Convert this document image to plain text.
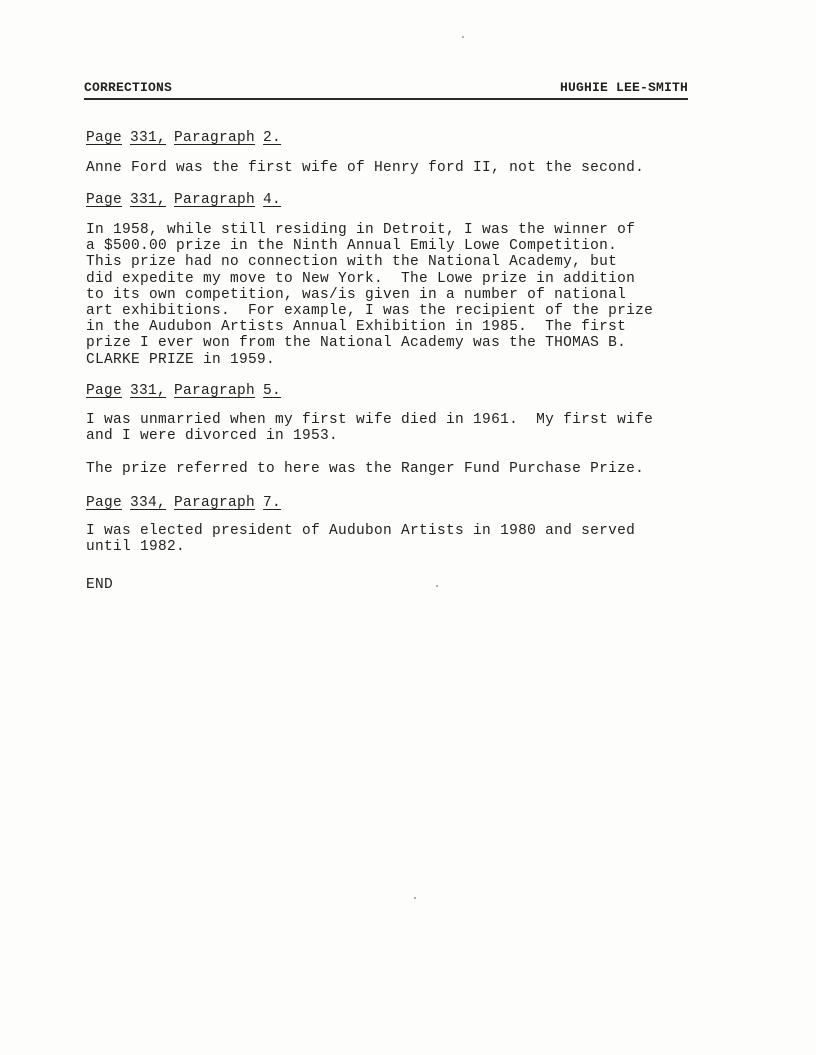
CORRECTIONS	HUGHIE LEE-SMITH
Page 331, Paragraph 2.
Anne Ford was the first wife of Henry ford II, not the second.
Page 331, Paragraph 4.
In 1958, while still residing in Detroit, I was the winner of
a $500.00 prize in the Ninth Annual Emily Lowe Competition.
This prize had no connection with the National Academy, but
did expedite my move to New York.  The Lowe prize in addition
to its own competition, was/is given in a number of national
art exhibitions.  For example, I was the recipient of the prize
in the Audubon Artists Annual Exhibition in 1985.  The first
prize I ever won from the National Academy was the THOMAS B.
CLARKE PRIZE in 1959.
Page 331, Paragraph 5.
I was unmarried when my first wife died in 1961.  My first wife
and I were divorced in 1953.
The prize referred to here was the Ranger Fund Purchase Prize.
Page 334, Paragraph 7.
I was elected president of Audubon Artists in 1980 and served
until 1982.
END
